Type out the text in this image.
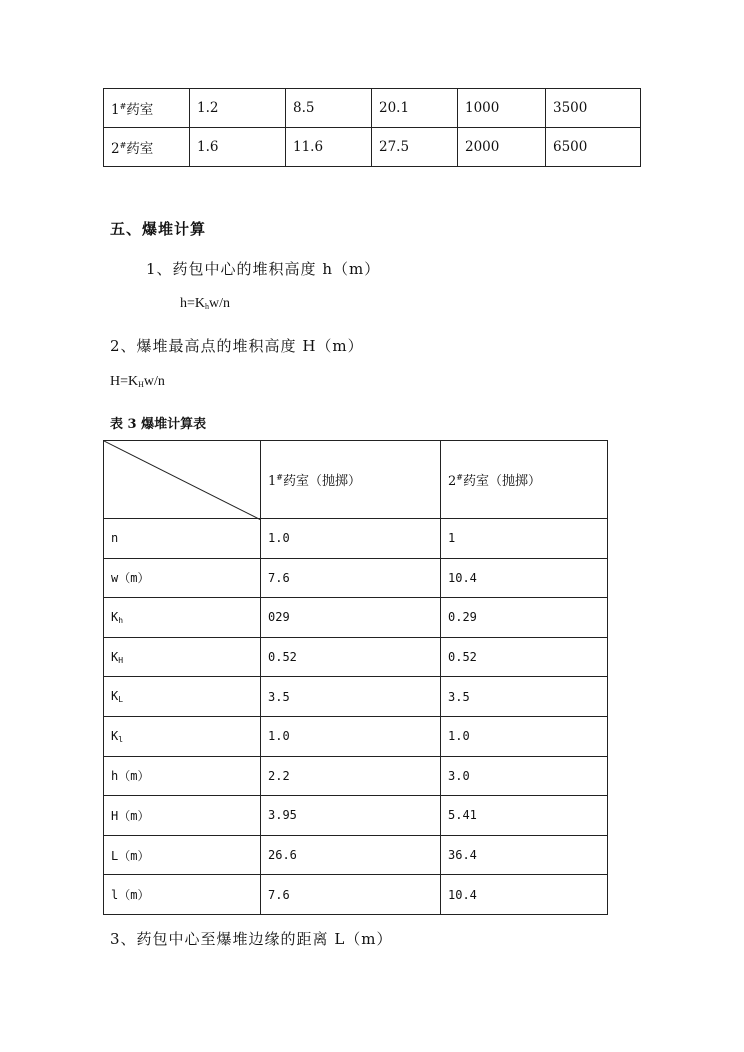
1#药室	1.2	8.5	20.1	1000	3500
2#药室	1.6	11.6	27.5	2000	6500
五、爆堆计算
1、药包中心的堆积高度 h（m）
$h=K_hw/n$
2、爆堆最高点的堆积高度 H（m）
$H=K_Hw/n$
表 3 爆堆计算表
	1#药室（抛掷）	2#药室（抛掷）
n	1.0	1
w（m）	7.6	10.4
$K_h$	029	0.29
$K_H$	0.52	0.52
$K_L$	3.5	3.5
$K_l$	1.0	1.0
h（m）	2.2	3.0
H（m）	3.95	5.41
L（m）	26.6	36.4
l（m）	7.6	10.4
3、药包中心至爆堆边缘的距离 L（m）
